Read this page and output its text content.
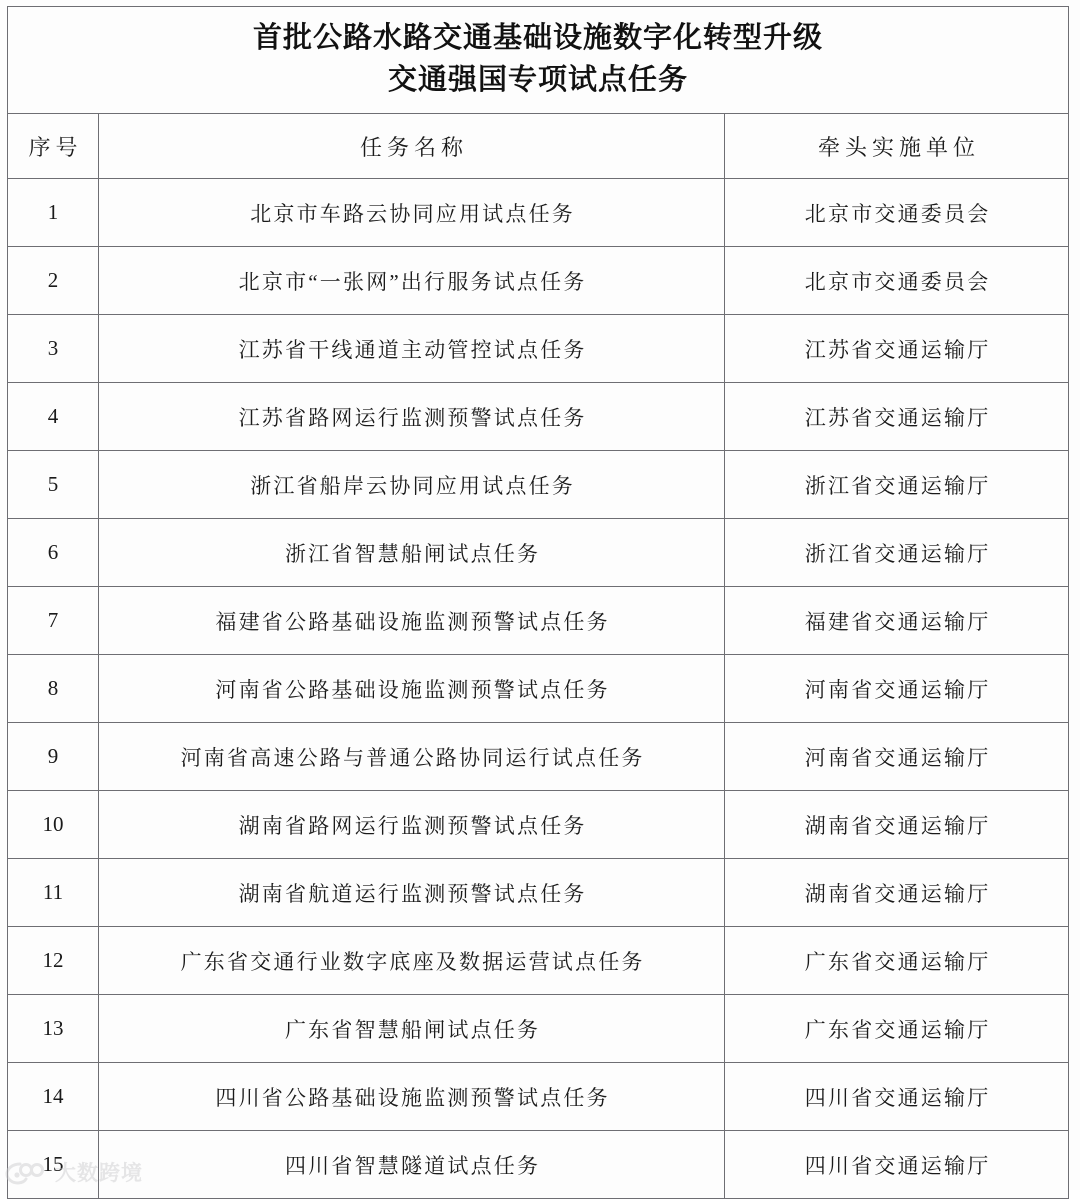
首批公路水路交通基础设施数字化转型升级
交通强国专项试点任务		

序号	任务名称	牵头实施单位
1	北京市车路云协同应用试点任务	北京市交通委员会
2	北京市“一张网”出行服务试点任务	北京市交通委员会
3	江苏省干线通道主动管控试点任务	江苏省交通运输厅
4	江苏省路网运行监测预警试点任务	江苏省交通运输厅
5	浙江省船岸云协同应用试点任务	浙江省交通运输厅
6	浙江省智慧船闸试点任务	浙江省交通运输厅
7	福建省公路基础设施监测预警试点任务	福建省交通运输厅
8	河南省公路基础设施监测预警试点任务	河南省交通运输厅
9	河南省高速公路与普通公路协同运行试点任务	河南省交通运输厅
10	湖南省路网运行监测预警试点任务	湖南省交通运输厅
11	湖南省航道运行监测预警试点任务	湖南省交通运输厅
12	广东省交通行业数字底座及数据运营试点任务	广东省交通运输厅
13	广东省智慧船闸试点任务	广东省交通运输厅
14	四川省公路基础设施监测预警试点任务	四川省交通运输厅
15	四川省智慧隧道试点任务	四川省交通运输厅
大数跨境
